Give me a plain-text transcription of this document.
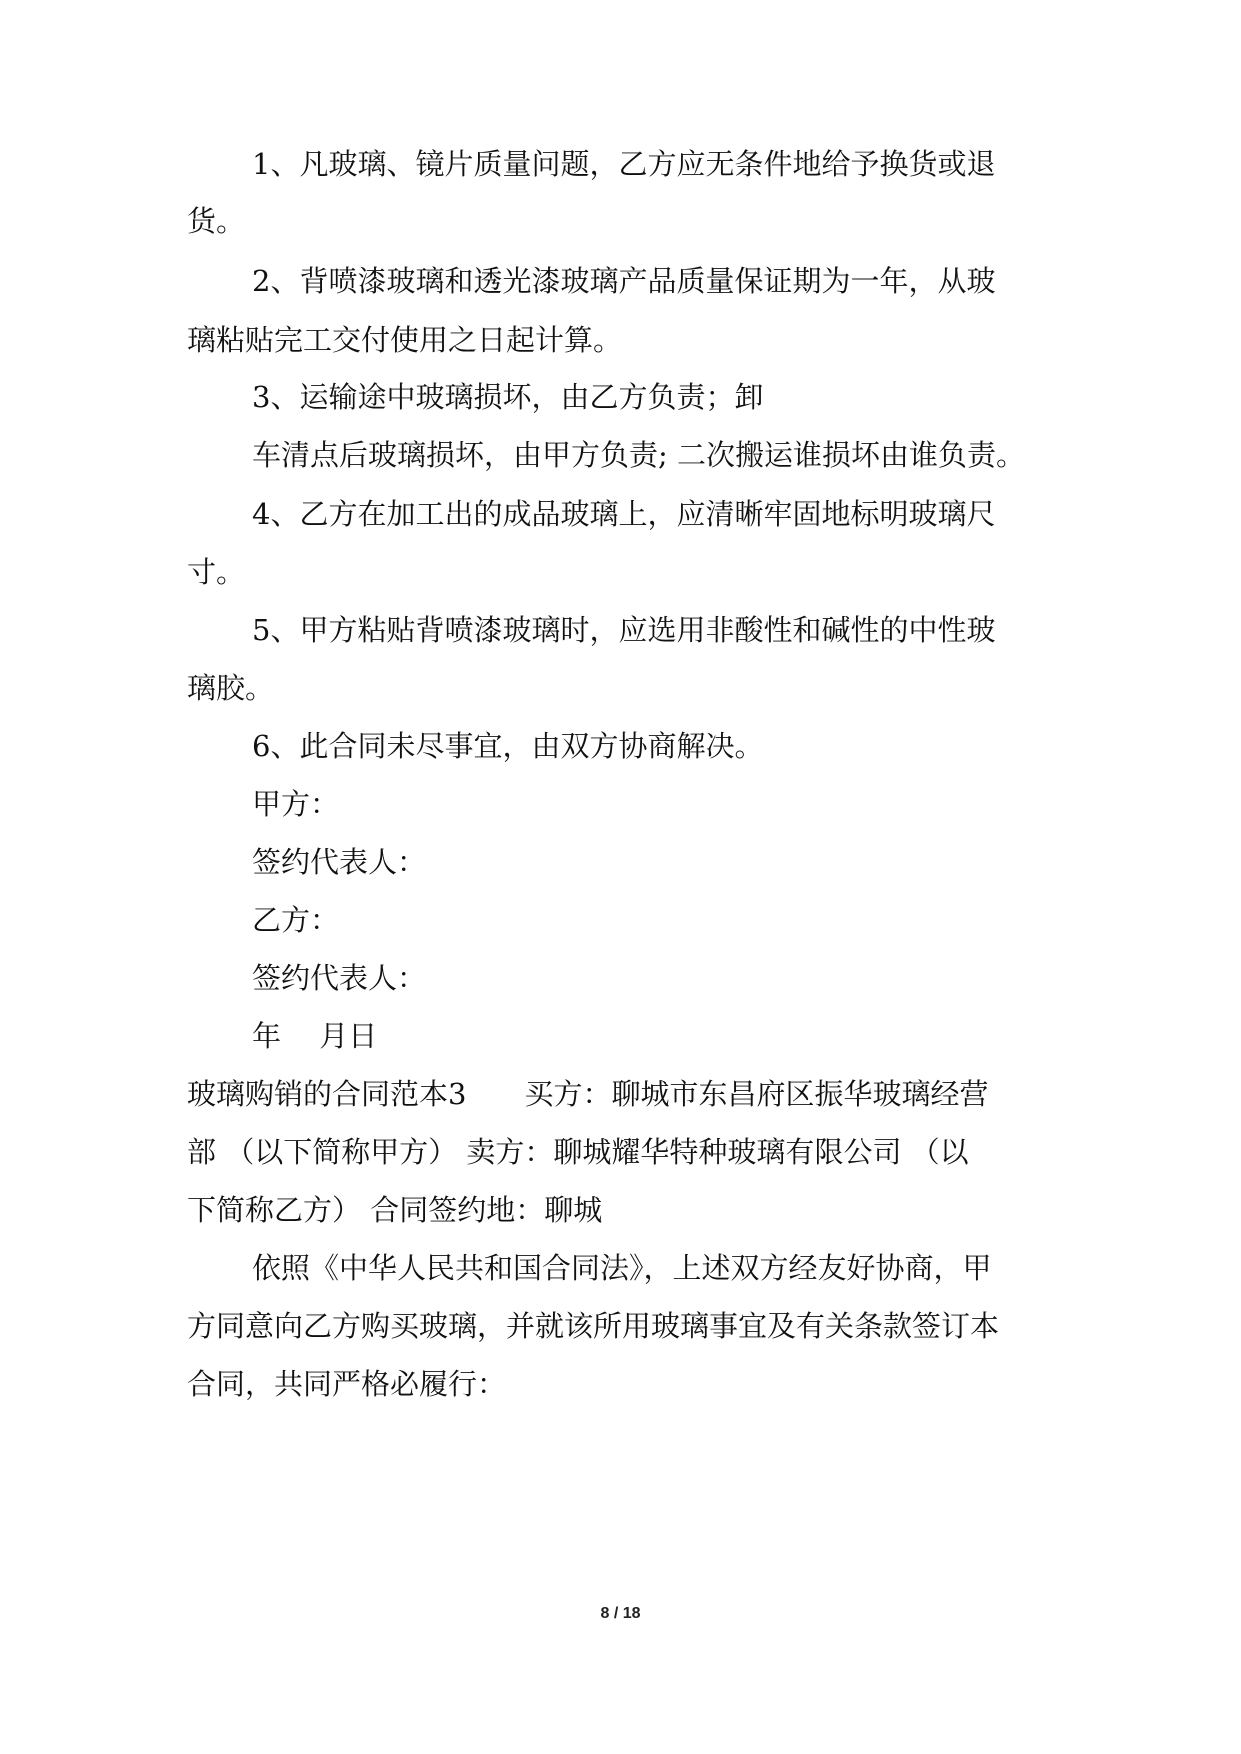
1、凡玻璃、镜片质量问题，乙方应无条件地给予换货或退
货。
2、背喷漆玻璃和透光漆玻璃产品质量保证期为一年，从玻
璃粘贴完工交付使用之日起计算。
3、运输途中玻璃损坏，由乙方负责；卸
车清点后玻璃损坏，由甲方负责; 二次搬运谁损坏由谁负责。
4、乙方在加工出的成品玻璃上，应清晰牢固地标明玻璃尺
寸。
5、甲方粘贴背喷漆玻璃时，应选用非酸性和碱性的中性玻
璃胶。
6、此合同未尽事宜，由双方协商解决。
甲方：
签约代表人：
乙方：
签约代表人：
年　 月日
玻璃购销的合同范本3　　买方：聊城市东昌府区振华玻璃经营
部 （以下简称甲方） 卖方：聊城耀华特种玻璃有限公司 （以
下简称乙方） 合同签约地：聊城
依照《中华人民共和国合同法》，上述双方经友好协商，甲
方同意向乙方购买玻璃，并就该所用玻璃事宜及有关条款签订本
合同，共同严格必履行：
8 / 18
